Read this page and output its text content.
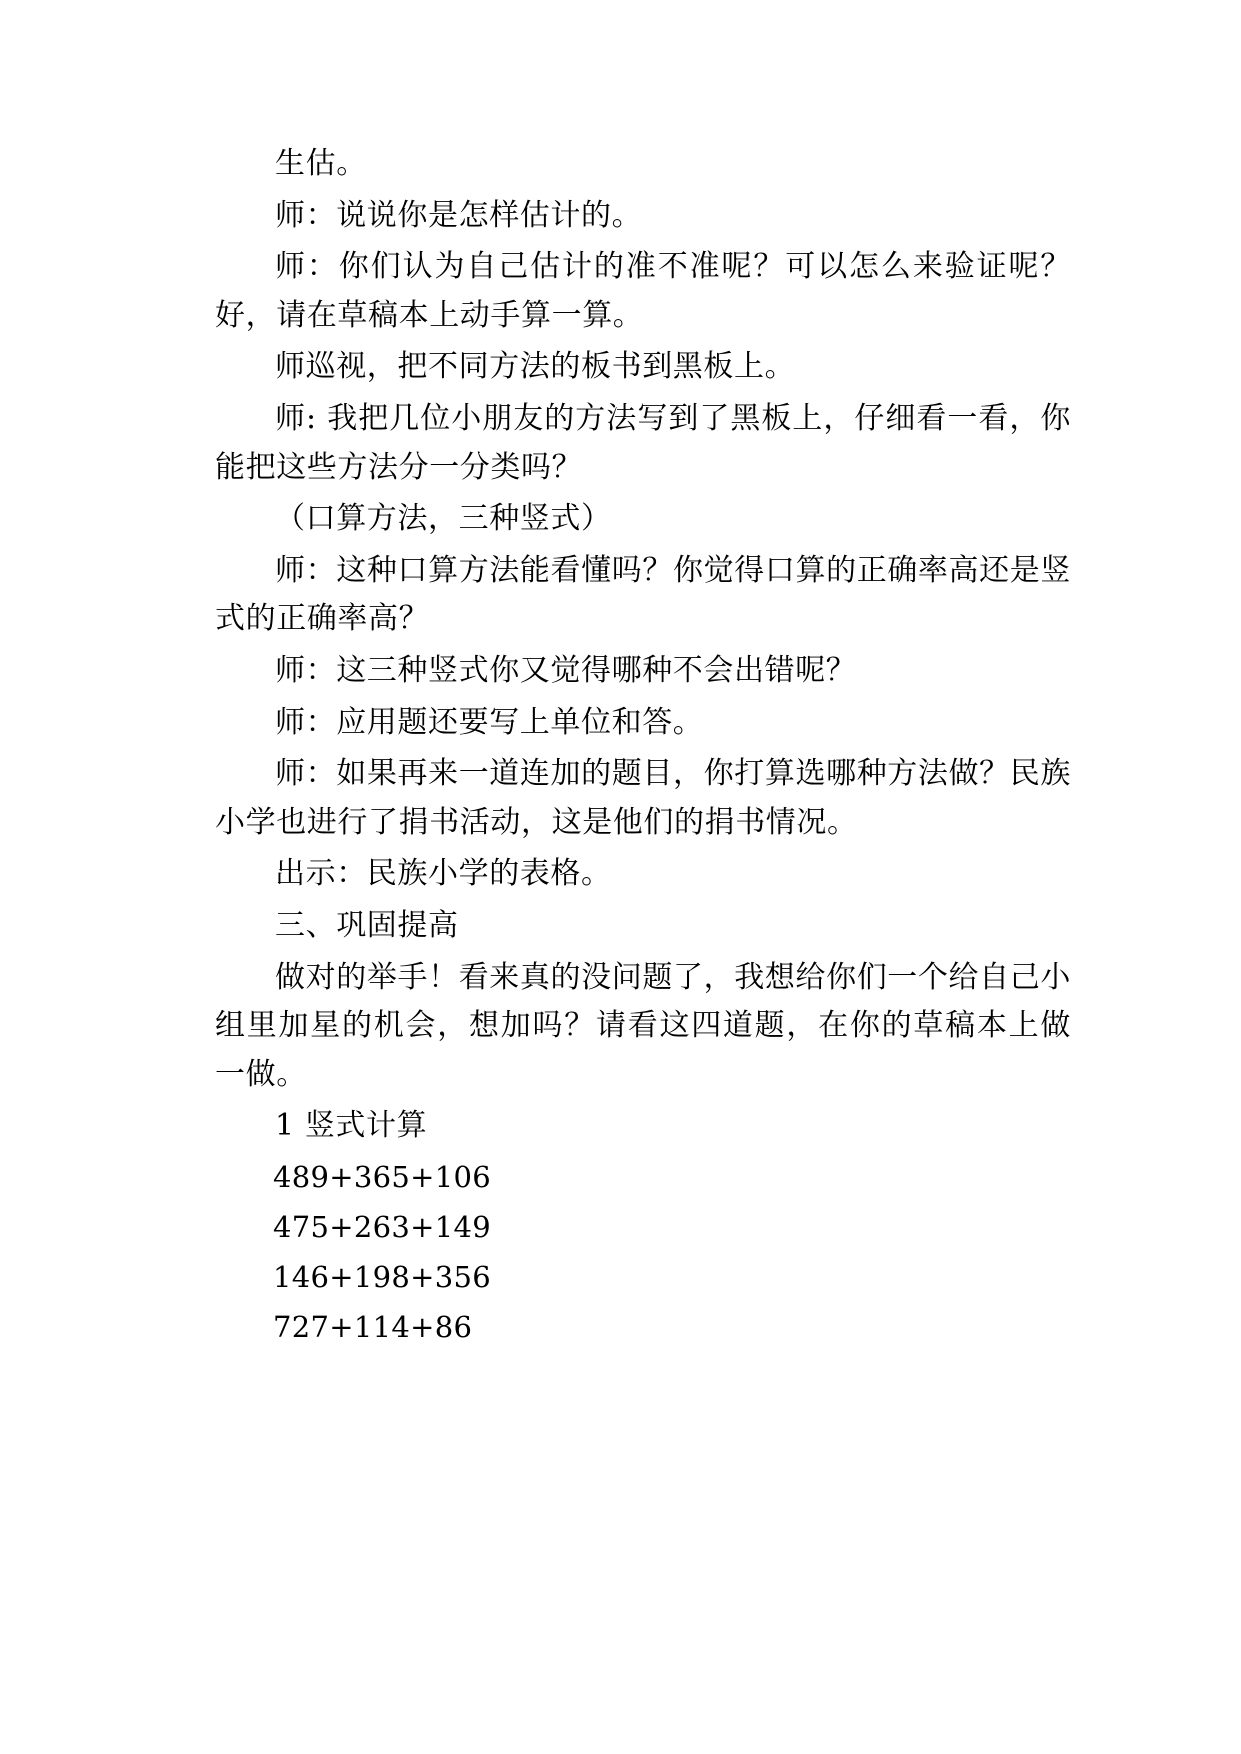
生估。

师：说说你是怎样估计的。

师：你们认为自己估计的准不准呢？可以怎么来验证呢？好，请在草稿本上动手算一算。

师巡视，把不同方法的板书到黑板上。

师: 我把几位小朋友的方法写到了黑板上，仔细看一看，你能把这些方法分一分类吗？

（口算方法，三种竖式）

师：这种口算方法能看懂吗？你觉得口算的正确率高还是竖式的正确率高？

师：这三种竖式你又觉得哪种不会出错呢？

师：应用题还要写上单位和答。

师：如果再来一道连加的题目，你打算选哪种方法做？民族小学也进行了捐书活动，这是他们的捐书情况。

出示：民族小学的表格。

三、巩固提高

做对的举手！看来真的没问题了，我想给你们一个给自己小组里加星的机会，想加吗？请看这四道题，在你的草稿本上做一做。

1 竖式计算

489+365+106

475+263+149

146+198+356

727+114+86
